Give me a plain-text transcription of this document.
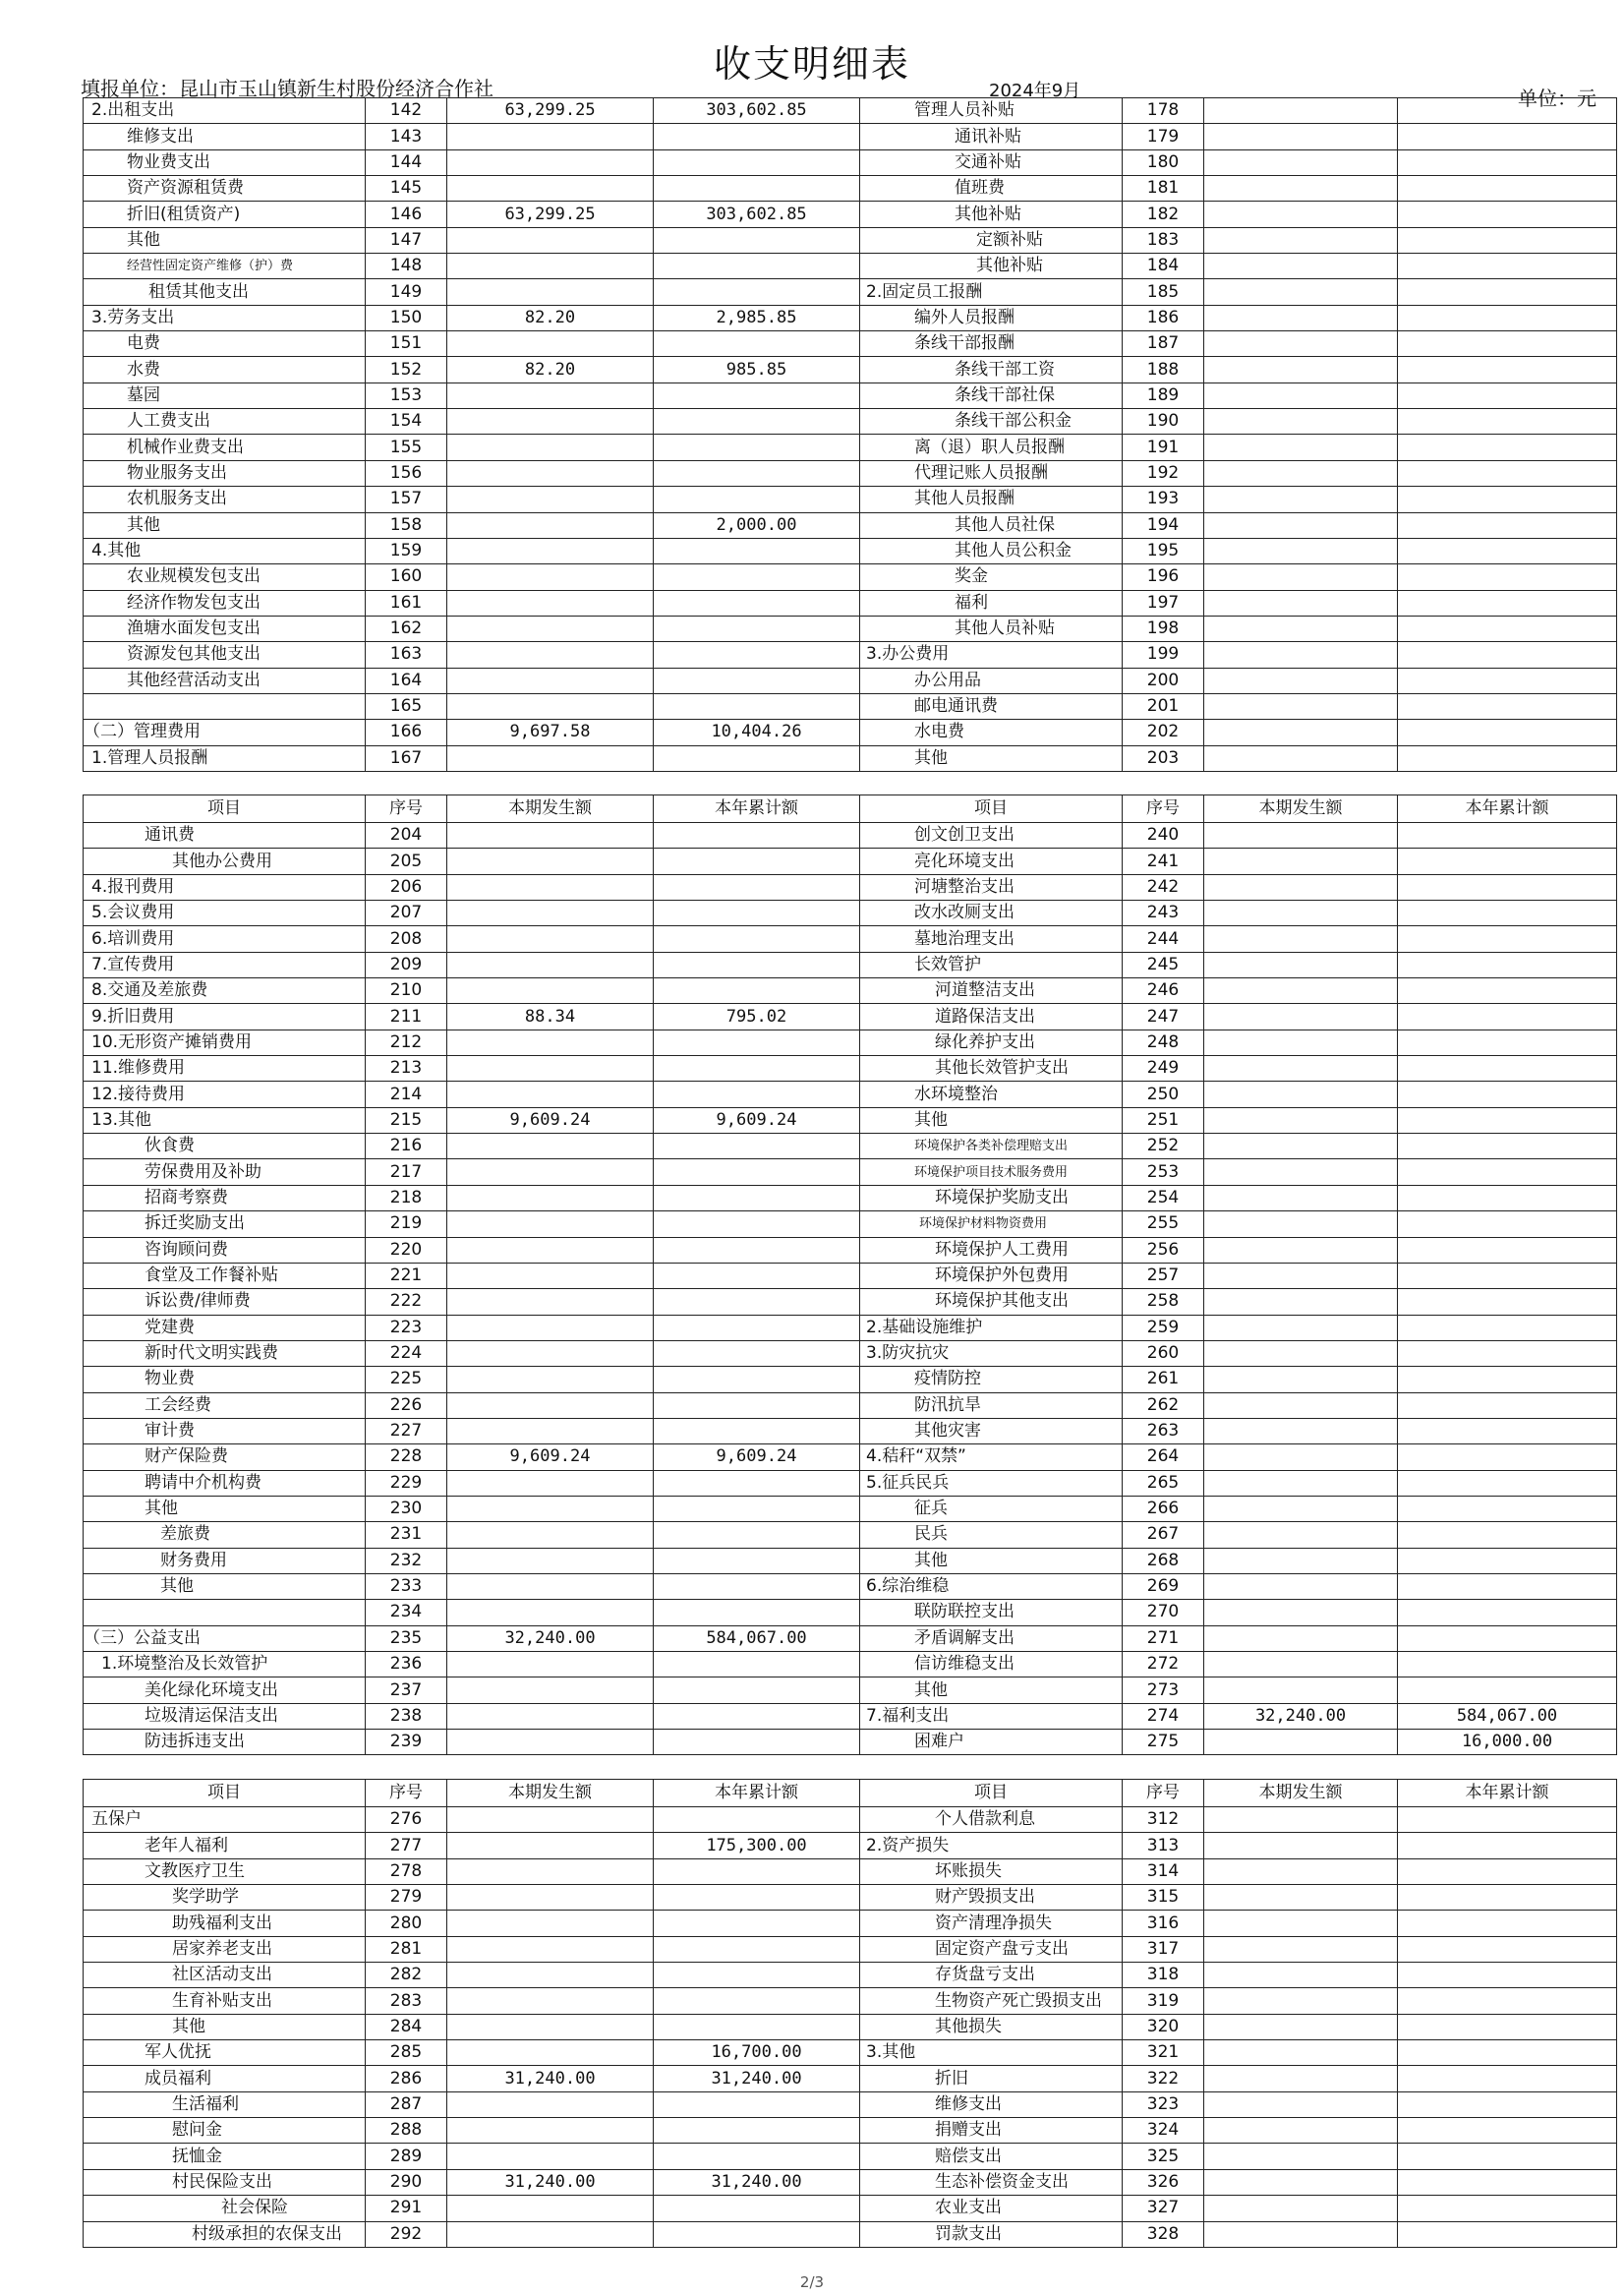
收支明细表
填报单位：昆山市玉山镇新生村股份经济合作社	2024年9月	单位：元
2.出租支出	142	63,299.25	303,602.85	管理人员补贴	178		
维修支出	143			通讯补贴	179		
物业费支出	144			交通补贴	180		
资产资源租赁费	145			值班费	181		
折旧(租赁资产)	146	63,299.25	303,602.85	其他补贴	182		
其他	147			定额补贴	183		
经营性固定资产维修（护）费	148			其他补贴	184		
租赁其他支出	149			2.固定员工报酬	185		
3.劳务支出	150	82.20	2,985.85	编外人员报酬	186		
电费	151			条线干部报酬	187		
水费	152	82.20	985.85	条线干部工资	188		
墓园	153			条线干部社保	189		
人工费支出	154			条线干部公积金	190		
机械作业费支出	155			离（退）职人员报酬	191		
物业服务支出	156			代理记账人员报酬	192		
农机服务支出	157			其他人员报酬	193		
其他	158		2,000.00	其他人员社保	194		
4.其他	159			其他人员公积金	195		
农业规模发包支出	160			奖金	196		
经济作物发包支出	161			福利	197		
渔塘水面发包支出	162			其他人员补贴	198		
资源发包其他支出	163			3.办公费用	199		
其他经营活动支出	164			办公用品	200		
	165			邮电通讯费	201		
（二）管理费用	166	9,697.58	10,404.26	水电费	202		
1.管理人员报酬	167			其他	203		
项目	序号	本期发生额	本年累计额	项目	序号	本期发生额	本年累计额
通讯费	204			创文创卫支出	240		
其他办公费用	205			亮化环境支出	241		
4.报刊费用	206			河塘整治支出	242		
5.会议费用	207			改水改厕支出	243		
6.培训费用	208			墓地治理支出	244		
7.宣传费用	209			长效管护	245		
8.交通及差旅费	210			河道整洁支出	246		
9.折旧费用	211	88.34	795.02	道路保洁支出	247		
10.无形资产摊销费用	212			绿化养护支出	248		
11.维修费用	213			其他长效管护支出	249		
12.接待费用	214			水环境整治	250		
13.其他	215	9,609.24	9,609.24	其他	251		
伙食费	216			环境保护各类补偿理赔支出	252		
劳保费用及补助	217			环境保护项目技术服务费用	253		
招商考察费	218			环境保护奖励支出	254		
拆迁奖励支出	219			环境保护材料物资费用	255		
咨询顾问费	220			环境保护人工费用	256		
食堂及工作餐补贴	221			环境保护外包费用	257		
诉讼费/律师费	222			环境保护其他支出	258		
党建费	223			2.基础设施维护	259		
新时代文明实践费	224			3.防灾抗灾	260		
物业费	225			疫情防控	261		
工会经费	226			防汛抗旱	262		
审计费	227			其他灾害	263		
财产保险费	228	9,609.24	9,609.24	4.秸秆“双禁”	264		
聘请中介机构费	229			5.征兵民兵	265		
其他	230			征兵	266		
差旅费	231			民兵	267		
财务费用	232			其他	268		
其他	233			6.综治维稳	269		
	234			联防联控支出	270		
（三）公益支出	235	32,240.00	584,067.00	矛盾调解支出	271		
1.环境整治及长效管护	236			信访维稳支出	272		
美化绿化环境支出	237			其他	273		
垃圾清运保洁支出	238			7.福利支出	274	32,240.00	584,067.00
防违拆违支出	239			困难户	275		16,000.00
项目	序号	本期发生额	本年累计额	项目	序号	本期发生额	本年累计额
五保户	276			个人借款利息	312		
老年人福利	277		175,300.00	2.资产损失	313		
文教医疗卫生	278			坏账损失	314		
奖学助学	279			财产毁损支出	315		
助残福利支出	280			资产清理净损失	316		
居家养老支出	281			固定资产盘亏支出	317		
社区活动支出	282			存货盘亏支出	318		
生育补贴支出	283			生物资产死亡毁损支出	319		
其他	284			其他损失	320		
军人优抚	285		16,700.00	3.其他	321		
成员福利	286	31,240.00	31,240.00	折旧	322		
生活福利	287			维修支出	323		
慰问金	288			捐赠支出	324		
抚恤金	289			赔偿支出	325		
村民保险支出	290	31,240.00	31,240.00	生态补偿资金支出	326		
社会保险	291			农业支出	327		
村级承担的农保支出	292			罚款支出	328		
2/3
